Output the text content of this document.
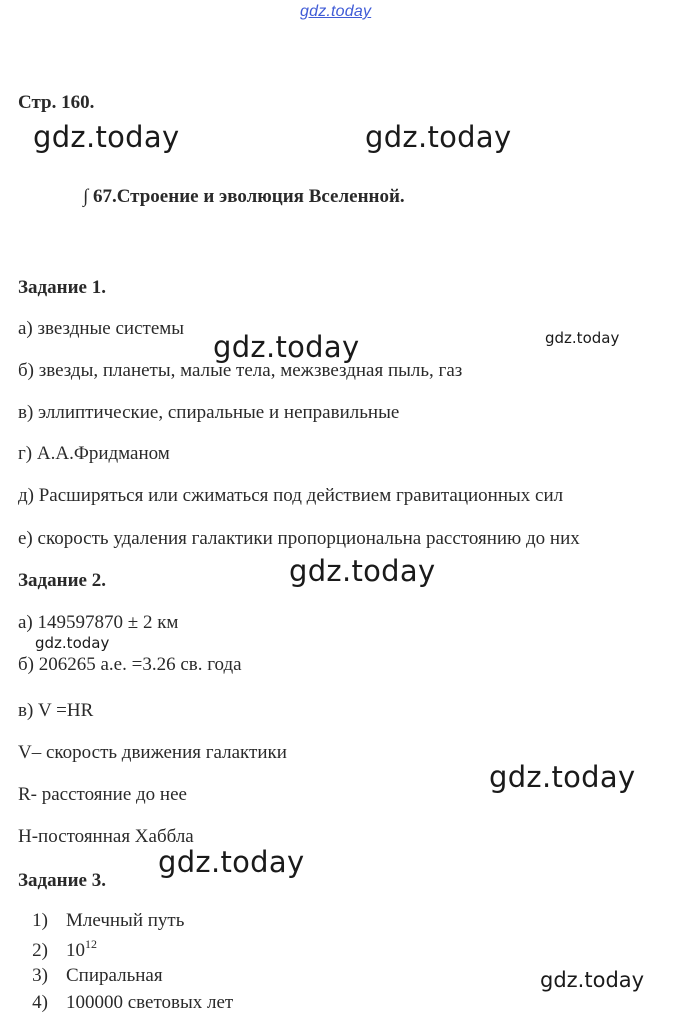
gdz.today
Стр. 160.
gdz.today	gdz.today
∫ 67.Строение и эволюция Вселенной.
Задание 1.
а) звездные системы
gdz.today	gdz.today
б) звезды, планеты, малые тела, межзвездная пыль, газ
в) эллиптические, спиральные и неправильные
г) А.А.Фридманом
д) Расширяться или сжиматься под действием гравитационных сил
е) скорость удаления галактики пропорциональна расстоянию до них
Задание 2.	gdz.today
а) 149597870 ± 2 км
gdz.today
б) 206265 а.е. =3.26 св. года
в) V =HR
V– скорость движения галактики
gdz.today
R- расстояние до нее
H-постоянная Хаббла
gdz.today
Задание 3.
1) Млечный путь
2) $10^{12}$
3) Спиральная	gdz.today
4) 100000 световых лет
